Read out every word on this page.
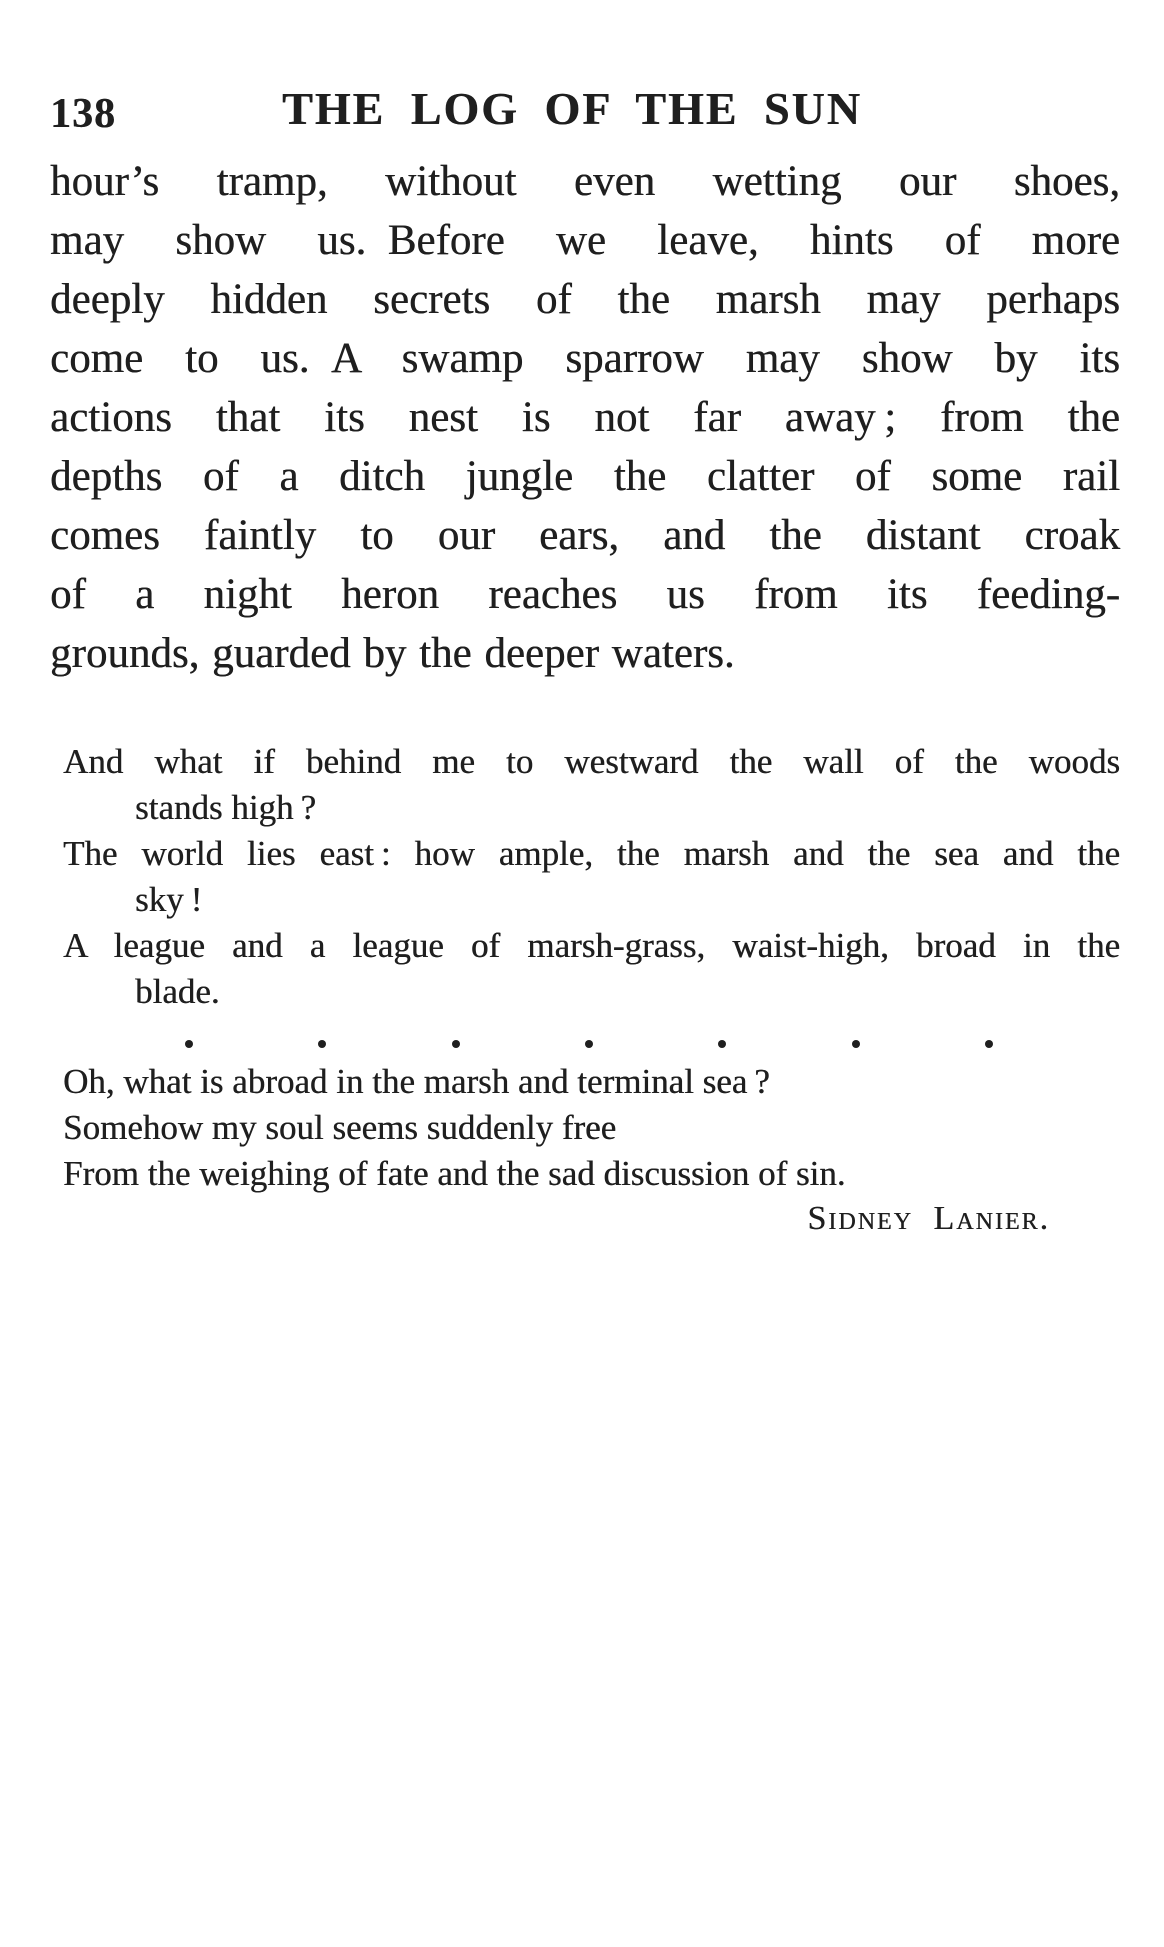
138	THE LOG OF THE SUN
hour’s tramp, without even wetting our shoes,
may show us. Before we leave, hints of more
deeply hidden secrets of the marsh may perhaps
come to us. A swamp sparrow may show by its
actions that its nest is not far away ; from the
depths of a ditch jungle the clatter of some rail
comes faintly to our ears, and the distant croak
of a night heron reaches us from its feeding-
grounds, guarded by the deeper waters.
And what if behind me to westward the wall of the woods
stands high ?
The world lies east : how ample, the marsh and the sea and the
sky !
A league and a league of marsh-grass, waist-high, broad in the
blade.
Oh, what is abroad in the marsh and terminal sea ?
Somehow my soul seems suddenly free
From the weighing of fate and the sad discussion of sin.
Sidney Lanier.
